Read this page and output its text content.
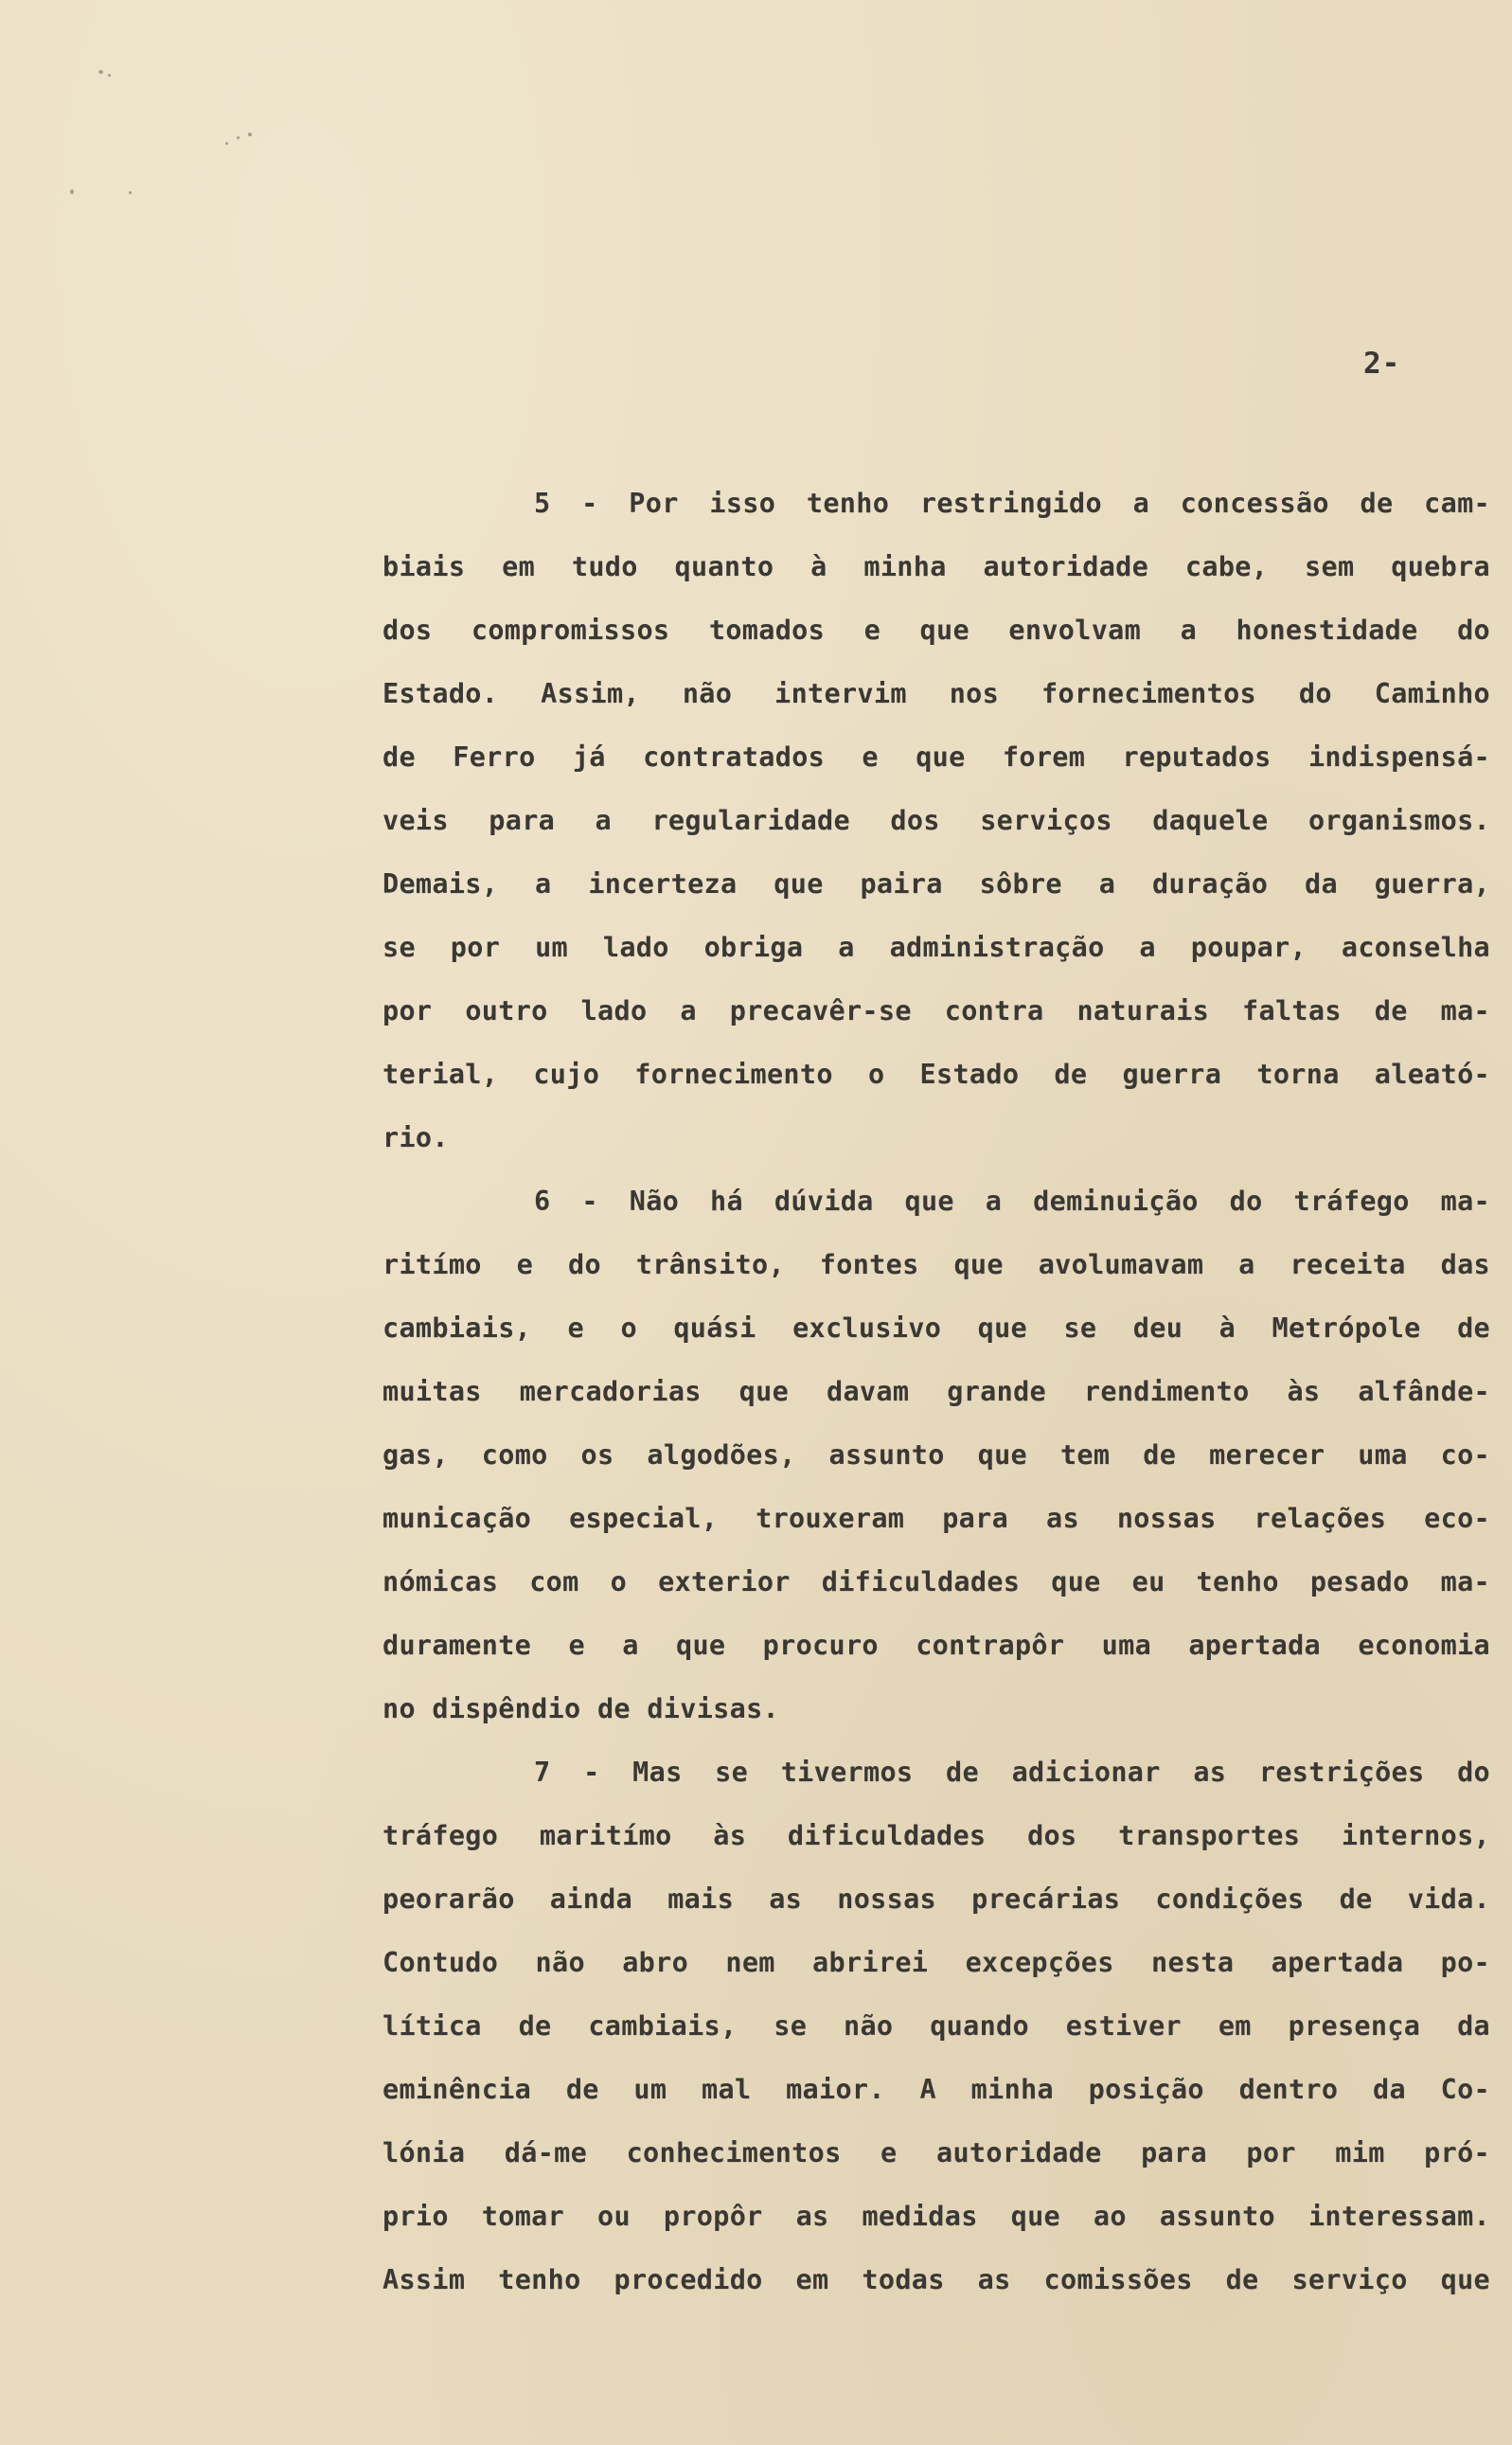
2-
5 - Por isso tenho restringido a concessão de cam-
biais em tudo quanto à minha autoridade cabe, sem quebra
dos compromissos tomados e que envolvam a honestidade do
Estado. Assim, não intervim nos fornecimentos do Caminho
de Ferro já contratados e que forem reputados indispensá-
veis para a regularidade dos serviços daquele organismos.
Demais, a incerteza que paira sôbre a duração da guerra,
se por um lado obriga a administração a poupar, aconselha
por outro lado a precavêr-se contra naturais faltas de ma-
terial, cujo fornecimento o Estado de guerra torna aleató-
rio.
6 - Não há dúvida que a deminuição do tráfego ma-
ritímo e do trânsito, fontes que avolumavam a receita das
cambiais, e o quási exclusivo que se deu à Metrópole de
muitas mercadorias que davam grande rendimento às alfânde-
gas, como os algodões, assunto que tem de merecer uma co-
municação especial, trouxeram para as nossas relações eco-
nómicas com o exterior dificuldades que eu tenho pesado ma-
duramente e a que procuro contrapôr uma apertada economia
no dispêndio de divisas.
7 - Mas se tivermos de adicionar as restrições do
tráfego maritímo às dificuldades dos transportes internos,
peorarão ainda mais as nossas precárias condições de vida.
Contudo não abro nem abrirei excepções nesta apertada po-
lítica de cambiais, se não quando estiver em presença da
eminência de um mal maior. A minha posição dentro da Co-
lónia dá-me conhecimentos e autoridade para por mim pró-
prio tomar ou propôr as medidas que ao assunto interessam.
Assim tenho procedido em todas as comissões de serviço que
